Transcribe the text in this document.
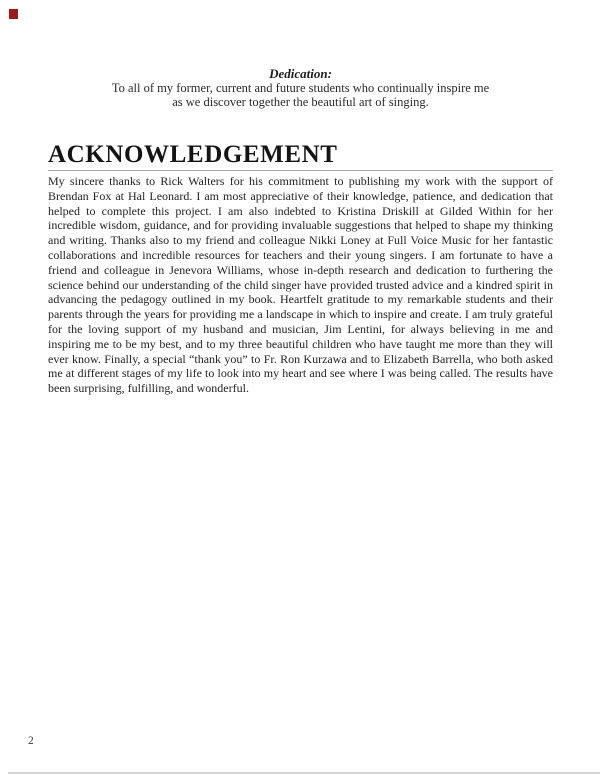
Dedication:
To all of my former, current and future students who continually inspire me
as we discover together the beautiful art of singing.
ACKNOWLEDGEMENT
My sincere thanks to Rick Walters for his commitment to publishing my work with the support of Brendan Fox at Hal Leonard. I am most appreciative of their knowledge, patience, and dedication that helped to complete this project. I am also indebted to Kristina Driskill at Gilded Within for her incredible wisdom, guidance, and for providing invaluable suggestions that helped to shape my thinking and writing. Thanks also to my friend and colleague Nikki Loney at Full Voice Music for her fantastic collaborations and incredible resources for teachers and their young singers. I am fortunate to have a friend and colleague in Jenevora Williams, whose in-depth research and dedication to furthering the science behind our understanding of the child singer have provided trusted advice and a kindred spirit in advancing the pedagogy outlined in my book. Heartfelt gratitude to my remarkable students and their parents through the years for providing me a landscape in which to inspire and create. I am truly grateful for the loving support of my husband and musician, Jim Lentini, for always believing in me and inspiring me to be my best, and to my three beautiful children who have taught me more than they will ever know. Finally, a special “thank you” to Fr. Ron Kurzawa and to Elizabeth Barrella, who both asked me at different stages of my life to look into my heart and see where I was being called. The results have been surprising, fulfilling, and wonderful.
2
